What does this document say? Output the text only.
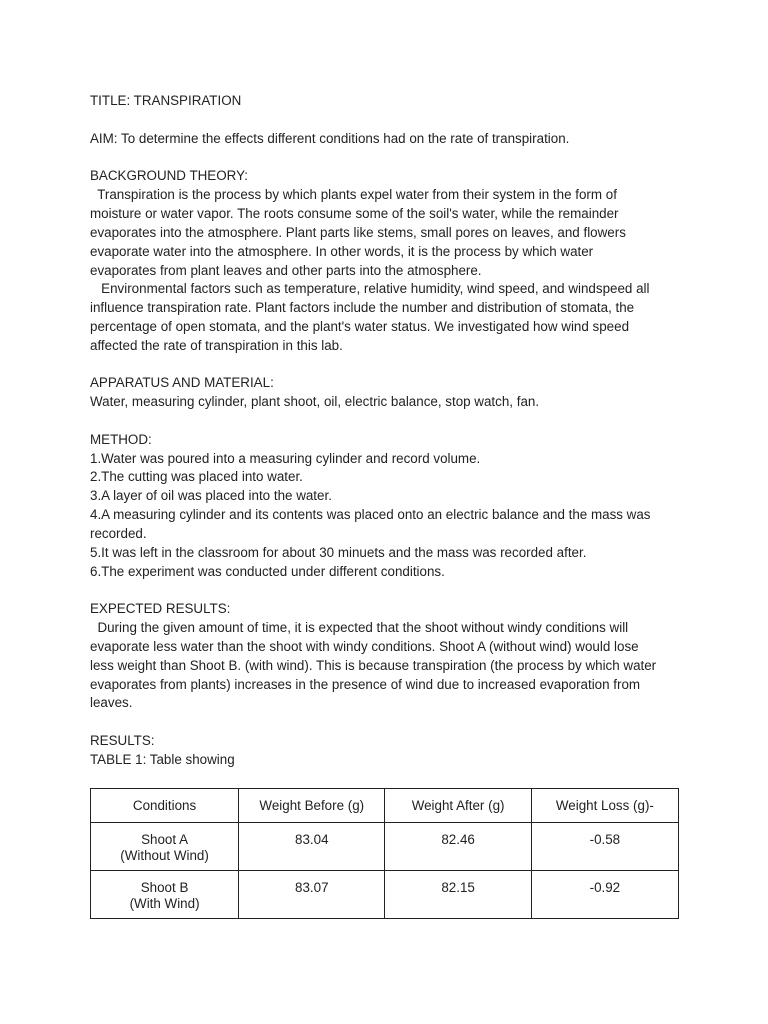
TITLE: TRANSPIRATION
AIM: To determine the effects different conditions had on the rate of transpiration.
BACKGROUND THEORY:
Transpiration is the process by which plants expel water from their system in the form of
moisture or water vapor. The roots consume some of the soil's water, while the remainder
evaporates into the atmosphere. Plant parts like stems, small pores on leaves, and flowers
evaporate water into the atmosphere. In other words, it is the process by which water
evaporates from plant leaves and other parts into the atmosphere.
Environmental factors such as temperature, relative humidity, wind speed, and windspeed all
influence transpiration rate. Plant factors include the number and distribution of stomata, the
percentage of open stomata, and the plant's water status. We investigated how wind speed
affected the rate of transpiration in this lab.
APPARATUS AND MATERIAL:
Water, measuring cylinder, plant shoot, oil, electric balance, stop watch, fan.
METHOD:
1.Water was poured into a measuring cylinder and record volume.
2.The cutting was placed into water.
3.A layer of oil was placed into the water.
4.A measuring cylinder and its contents was placed onto an electric balance and the mass was
recorded.
5.It was left in the classroom for about 30 minuets and the mass was recorded after.
6.The experiment was conducted under different conditions.
EXPECTED RESULTS:
During the given amount of time, it is expected that the shoot without windy conditions will
evaporate less water than the shoot with windy conditions. Shoot A (without wind) would lose
less weight than Shoot B. (with wind). This is because transpiration (the process by which water
evaporates from plants) increases in the presence of wind due to increased evaporation from
leaves.
RESULTS:
TABLE 1: Table showing
Conditions	Weight Before (g)	Weight After (g)	Weight Loss (g)-

Shoot A
(Without Wind)	83.04	82.46	-0.58

Shoot B
(With Wind)	83.07	82.15	-0.92
